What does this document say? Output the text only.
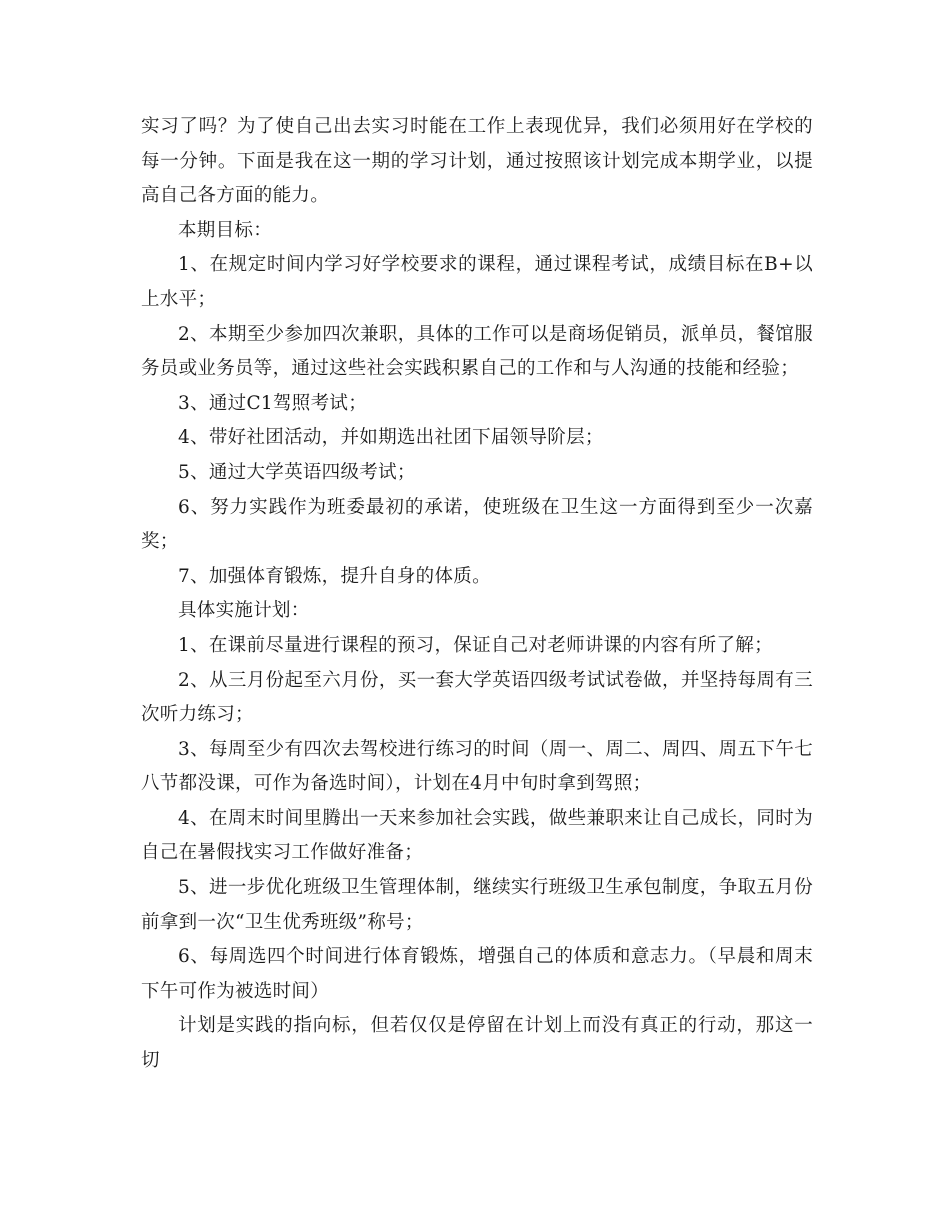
实习了吗？为了使自己出去实习时能在工作上表现优异，我们必须用好在学校的每一分钟。下面是我在这一期的学习计划，通过按照该计划完成本期学业，以提高自己各方面的能力。

本期目标：

1、在规定时间内学习好学校要求的课程，通过课程考试，成绩目标在B+以上水平；

2、本期至少参加四次兼职，具体的工作可以是商场促销员，派单员，餐馆服务员或业务员等，通过这些社会实践积累自己的工作和与人沟通的技能和经验；

3、通过C1驾照考试；

4、带好社团活动，并如期选出社团下届领导阶层；

5、通过大学英语四级考试；

6、努力实践作为班委最初的承诺，使班级在卫生这一方面得到至少一次嘉奖；

7、加强体育锻炼，提升自身的体质。

具体实施计划：

1、在课前尽量进行课程的预习，保证自己对老师讲课的内容有所了解；

2、从三月份起至六月份，买一套大学英语四级考试试卷做，并坚持每周有三次听力练习；

3、每周至少有四次去驾校进行练习的时间（周一、周二、周四、周五下午七八节都没课，可作为备选时间），计划在4月中旬时拿到驾照；

4、在周末时间里腾出一天来参加社会实践，做些兼职来让自己成长，同时为自己在暑假找实习工作做好准备；

5、进一步优化班级卫生管理体制，继续实行班级卫生承包制度，争取五月份前拿到一次“卫生优秀班级”称号；

6、每周选四个时间进行体育锻炼，增强自己的体质和意志力。（早晨和周末下午可作为被选时间）

计划是实践的指向标，但若仅仅是停留在计划上而没有真正的行动，那这一切
